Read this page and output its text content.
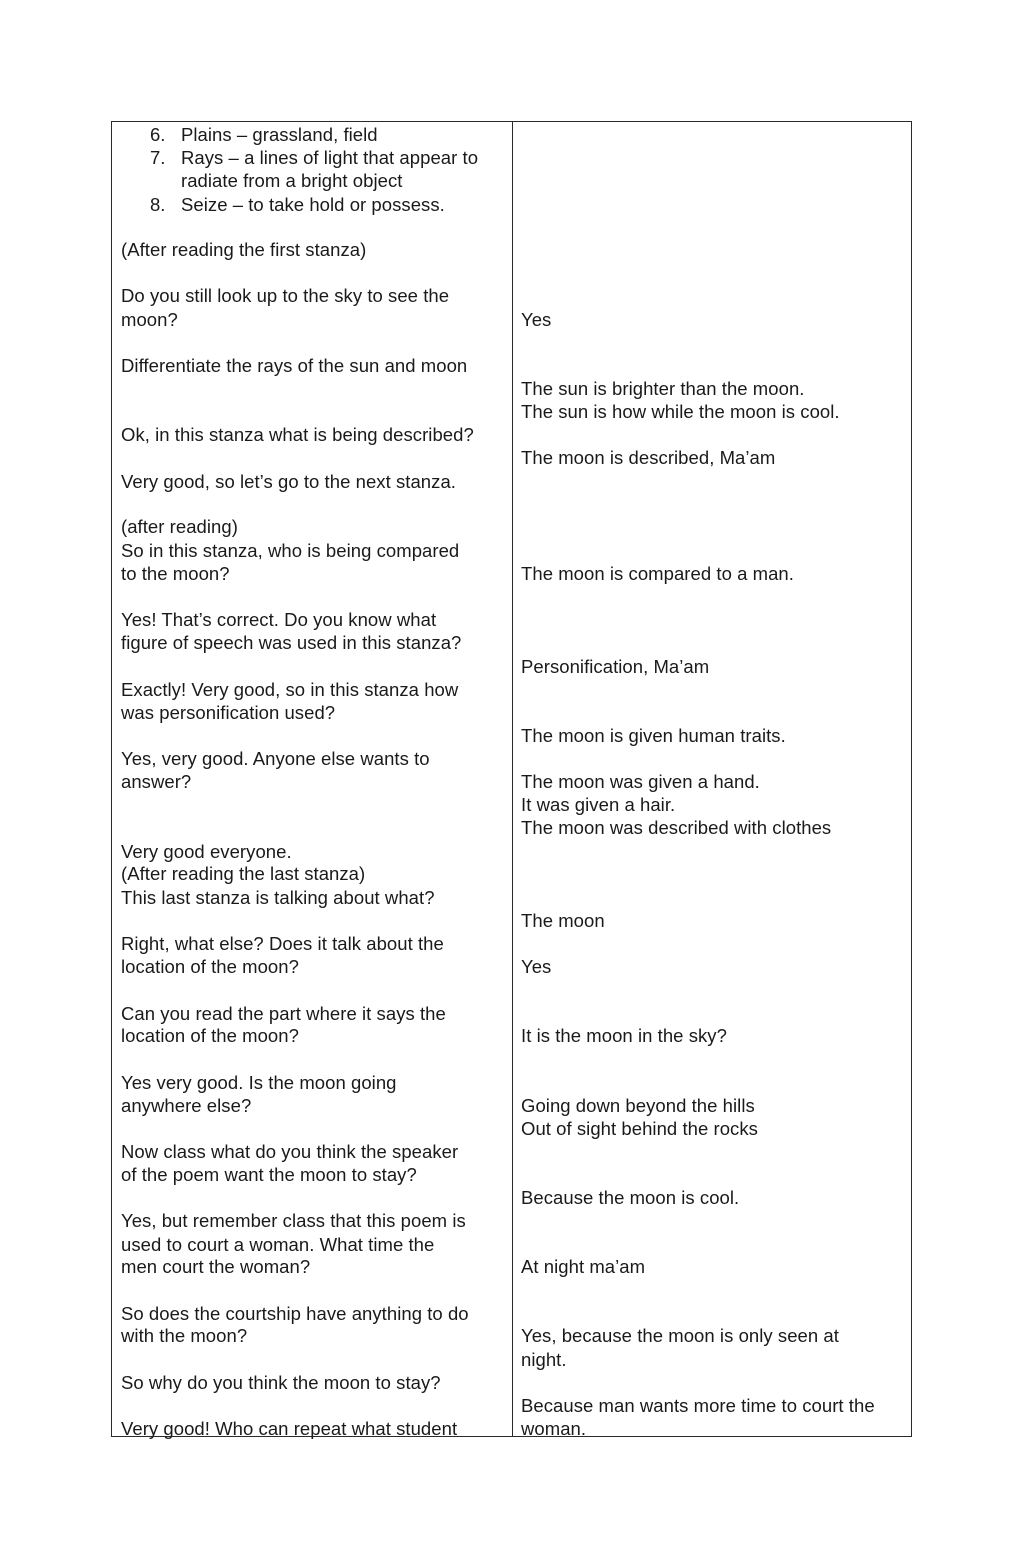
6. Plains – grassland, field
7. Rays – a lines of light that appear to
radiate from a bright object
8. Seize – to take hold or possess.
(After reading the first stanza)
Do you still look up to the sky to see the
moon?
Differentiate the rays of the sun and moon
Ok, in this stanza what is being described?
Very good, so let’s go to the next stanza.
(after reading)
So in this stanza, who is being compared
to the moon?
Yes! That’s correct. Do you know what
figure of speech was used in this stanza?
Exactly! Very good, so in this stanza how
was personification used?
Yes, very good. Anyone else wants to
answer?
Very good everyone.
(After reading the last stanza)
This last stanza is talking about what?
Right, what else? Does it talk about the
location of the moon?
Can you read the part where it says the
location of the moon?
Yes very good. Is the moon going
anywhere else?
Now class what do you think the speaker
of the poem want the moon to stay?
Yes, but remember class that this poem is
used to court a woman. What time the
men court the woman?
So does the courtship have anything to do
with the moon?
So why do you think the moon to stay?
Very good! Who can repeat what student
Yes
The sun is brighter than the moon.
The sun is how while the moon is cool.
The moon is described, Ma’am
The moon is compared to a man.
Personification, Ma’am
The moon is given human traits.
The moon was given a hand.
It was given a hair.
The moon was described with clothes
The moon
Yes
It is the moon in the sky?
Going down beyond the hills
Out of sight behind the rocks
Because the moon is cool.
At night ma’am
Yes, because the moon is only seen at
night.
Because man wants more time to court the
woman.
